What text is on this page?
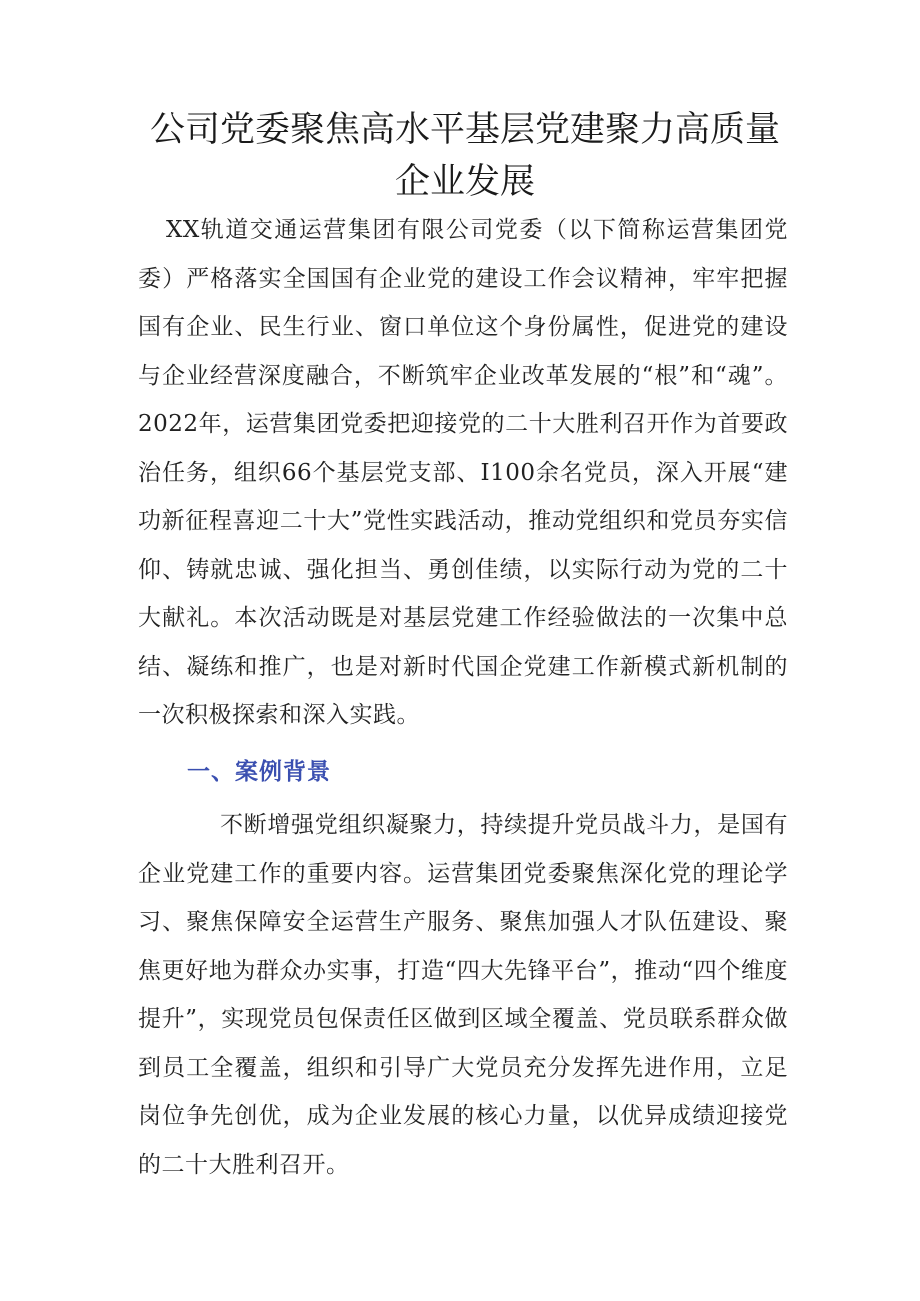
公司党委聚焦高水平基层党建聚力高质量企业发展

XX轨道交通运营集团有限公司党委（以下简称运营集团党委）严格落实全国国有企业党的建设工作会议精神，牢牢把握国有企业、民生行业、窗口单位这个身份属性，促进党的建设与企业经营深度融合，不断筑牢企业改革发展的“根”和“魂”。2022年，运营集团党委把迎接党的二十大胜利召开作为首要政治任务，组织66个基层党支部、I100余名党员，深入开展“建功新征程喜迎二十大”党性实践活动，推动党组织和党员夯实信仰、铸就忠诚、强化担当、勇创佳绩，以实际行动为党的二十大献礼。本次活动既是对基层党建工作经验做法的一次集中总结、凝练和推广，也是对新时代国企党建工作新模式新机制的一次积极探索和深入实践。

一、案例背景

不断增强党组织凝聚力，持续提升党员战斗力，是国有企业党建工作的重要内容。运营集团党委聚焦深化党的理论学习、聚焦保障安全运营生产服务、聚焦加强人才队伍建设、聚焦更好地为群众办实事，打造“四大先锋平台”，推动“四个维度提升”，实现党员包保责任区做到区域全覆盖、党员联系群众做到员工全覆盖，组织和引导广大党员充分发挥先进作用，立足岗位争先创优，成为企业发展的核心力量，以优异成绩迎接党的二十大胜利召开。
